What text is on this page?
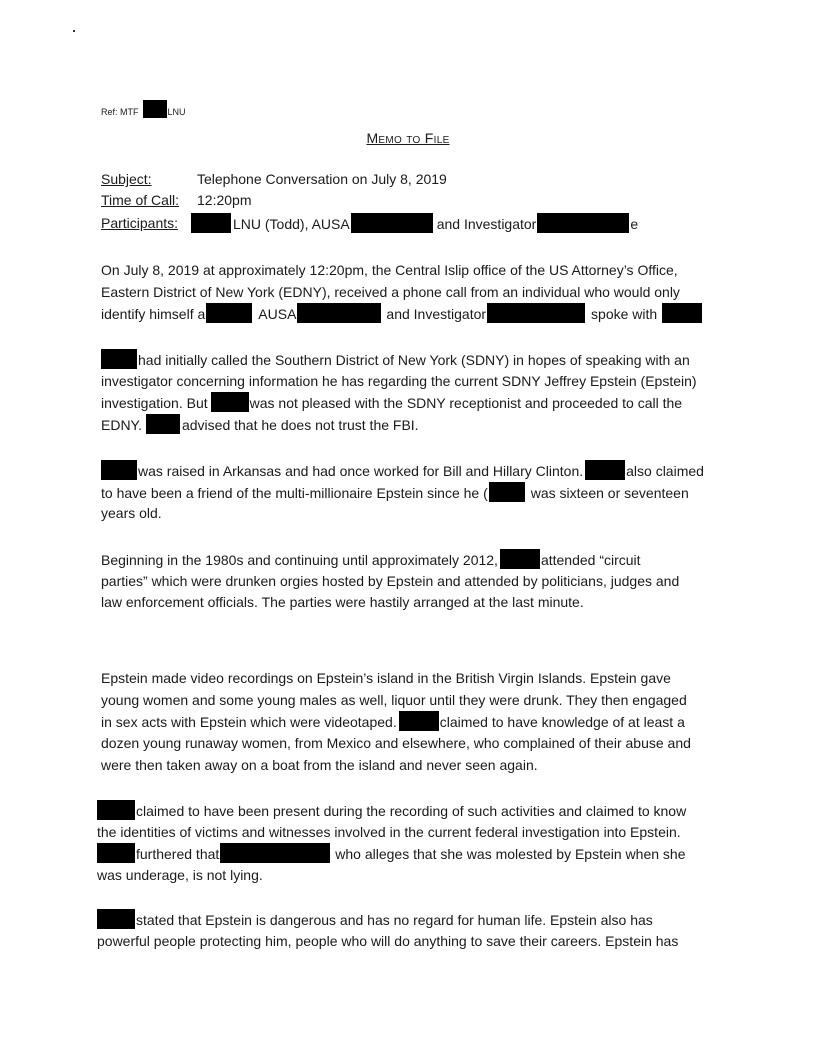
Ref: MTF	LNU
Memo to File
Subject:	Telephone Conversation on July 8, 2019
Time of Call: 12:20pm
Participants:	LNU (Todd), AUSA	and Investigator	e
On July 8, 2019 at approximately 12:20pm, the Central Islip office of the US Attorney’s Office,
Eastern District of New York (EDNY), received a phone call from an individual who would only
identify himself a	AUSA	and Investigator	spoke with
had initially called the Southern District of New York (SDNY) in hopes of speaking with an
investigator concerning information he has regarding the current SDNY Jeffrey Epstein (Epstein)
investigation. But	was not pleased with the SDNY receptionist and proceeded to call the
EDNY.	advised that he does not trust the FBI.
was raised in Arkansas and had once worked for Bill and Hillary Clinton.	also claimed
to have been a friend of the multi-millionaire Epstein since he (	was sixteen or seventeen
years old.
Beginning in the 1980s and continuing until approximately 2012,	attended “circuit
parties” which were drunken orgies hosted by Epstein and attended by politicians, judges and
law enforcement officials. The parties were hastily arranged at the last minute.
Epstein made video recordings on Epstein’s island in the British Virgin Islands. Epstein gave
young women and some young males as well, liquor until they were drunk. They then engaged
in sex acts with Epstein which were videotaped.	claimed to have knowledge of at least a
dozen young runaway women, from Mexico and elsewhere, who complained of their abuse and
were then taken away on a boat from the island and never seen again.
claimed to have been present during the recording of such activities and claimed to know
the identities of victims and witnesses involved in the current federal investigation into Epstein.
furthered that	who alleges that she was molested by Epstein when she
was underage, is not lying.
stated that Epstein is dangerous and has no regard for human life. Epstein also has
powerful people protecting him, people who will do anything to save their careers. Epstein has
